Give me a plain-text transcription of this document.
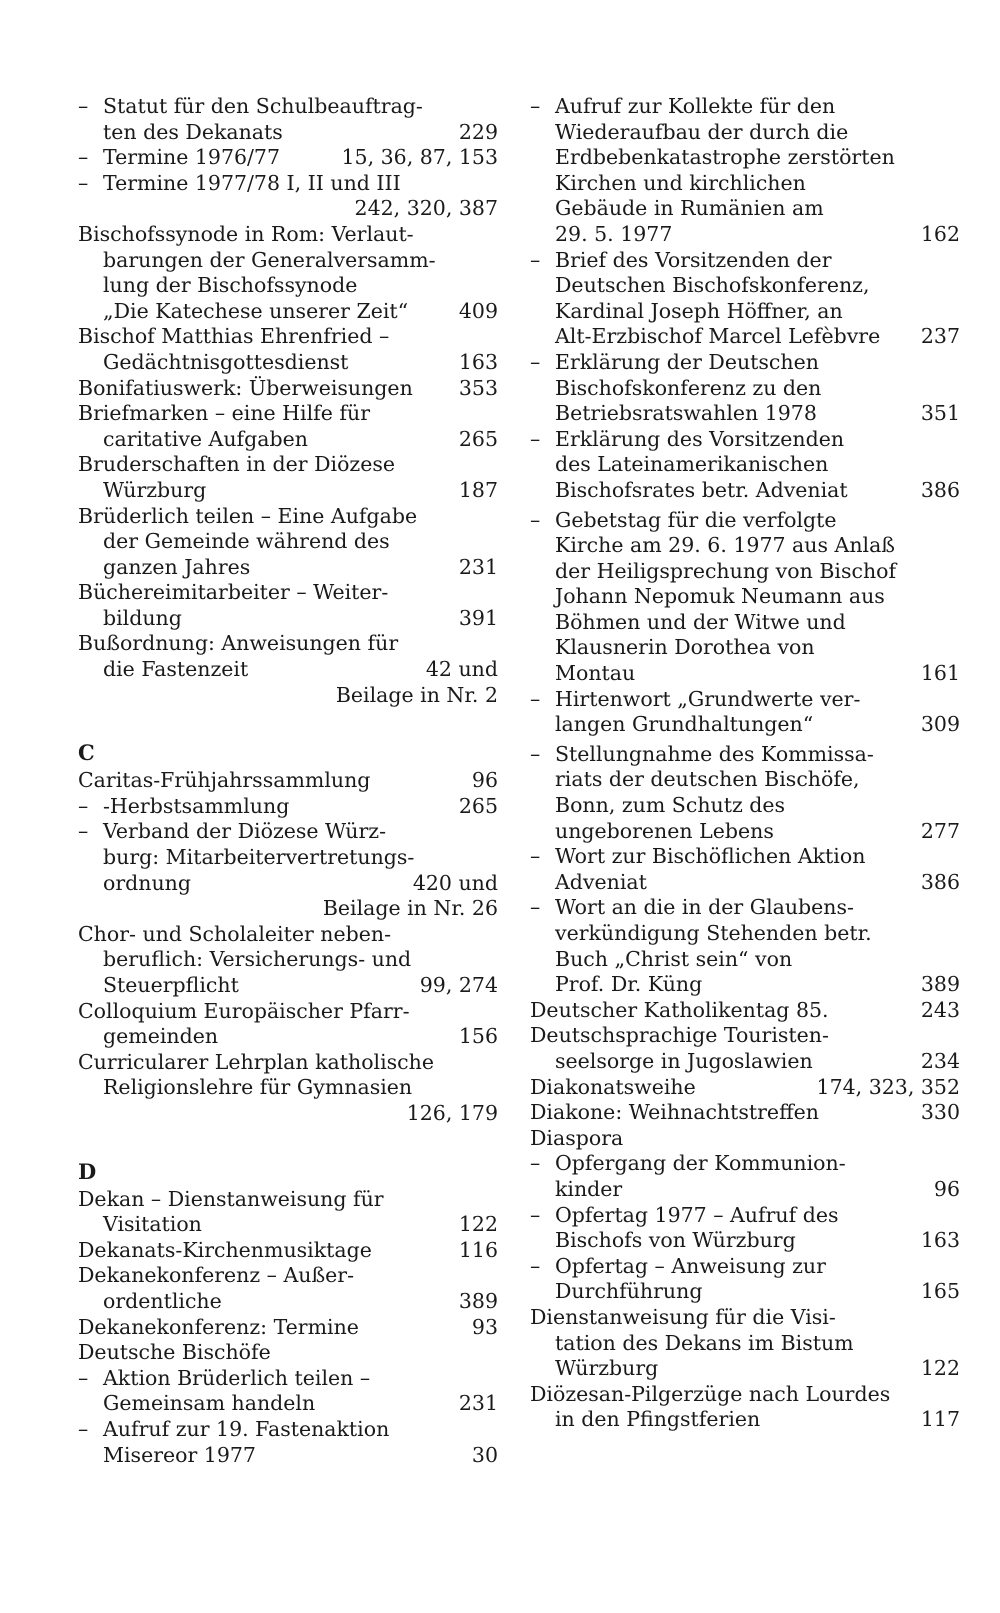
– Statut für den Schulbeauftrag-
ten des Dekanats	229
– Termine 1976/77	15, 36, 87, 153
– Termine 1977/78 I, II und III
242, 320, 387
Bischofssynode in Rom: Verlaut-
barungen der Generalversamm-
lung der Bischofssynode
„Die Katechese unserer Zeit“ 409
Bischof Matthias Ehrenfried –
Gedächtnisgottesdienst	163
Bonifatiuswerk: Überweisungen 353
Briefmarken – eine Hilfe für
caritative Aufgaben	265
Bruderschaften in der Diözese
Würzburg	187
Brüderlich teilen – Eine Aufgabe
der Gemeinde während des
ganzen Jahres	231
Büchereimitarbeiter – Weiter-
bildung	391
Bußordnung: Anweisungen für
die Fastenzeit	42 und
Beilage in Nr. 2
C
Caritas-Frühjahrssammlung	96
– -Herbstsammlung	265
– Verband der Diözese Würz-
burg: Mitarbeitervertretungs-
ordnung	420 und
Beilage in Nr. 26
Chor- und Scholaleiter neben-
beruflich: Versicherungs- und
Steuerpflicht	99, 274
Colloquium Europäischer Pfarr-
gemeinden	156
Curricularer Lehrplan katholische
Religionslehre für Gymnasien
126, 179
D
Dekan – Dienstanweisung für
Visitation	122
Dekanats-Kirchenmusiktage	116
Dekanekonferenz – Außer-
ordentliche	389
Dekanekonferenz: Termine	93
Deutsche Bischöfe
– Aktion Brüderlich teilen –
Gemeinsam handeln	231
– Aufruf zur 19. Fastenaktion
Misereor 1977	30
– Aufruf zur Kollekte für den
Wiederaufbau der durch die
Erdbebenkatastrophe zerstörten
Kirchen und kirchlichen
Gebäude in Rumänien am
29. 5. 1977	162
– Brief des Vorsitzenden der
Deutschen Bischofskonferenz,
Kardinal Joseph Höffner, an
Alt-Erzbischof Marcel Lefèbvre 237
– Erklärung der Deutschen
Bischofskonferenz zu den
Betriebsratswahlen 1978	351
– Erklärung des Vorsitzenden
des Lateinamerikanischen
Bischofsrates betr. Adveniat	386
– Gebetstag für die verfolgte
Kirche am 29. 6. 1977 aus Anlaß
der Heiligsprechung von Bischof
Johann Nepomuk Neumann aus
Böhmen und der Witwe und
Klausnerin Dorothea von
Montau	161
– Hirtenwort „Grundwerte ver-
langen Grundhaltungen“	309
– Stellungnahme des Kommissa-
riats der deutschen Bischöfe,
Bonn, zum Schutz des
ungeborenen Lebens	277
– Wort zur Bischöflichen Aktion
Adveniat	386
– Wort an die in der Glaubens-
verkündigung Stehenden betr.
Buch „Christ sein“ von
Prof. Dr. Küng	389
Deutscher Katholikentag 85.	243
Deutschsprachige Touristen-
seelsorge in Jugoslawien	234
Diakonatsweihe	174, 323, 352
Diakone: Weihnachtstreffen	330
Diaspora
– Opfergang der Kommunion-
kinder	96
– Opfertag 1977 – Aufruf des
Bischofs von Würzburg	163
– Opfertag – Anweisung zur
Durchführung	165
Dienstanweisung für die Visi-
tation des Dekans im Bistum
Würzburg	122
Diözesan-Pilgerzüge nach Lourdes
in den Pfingstferien	117
